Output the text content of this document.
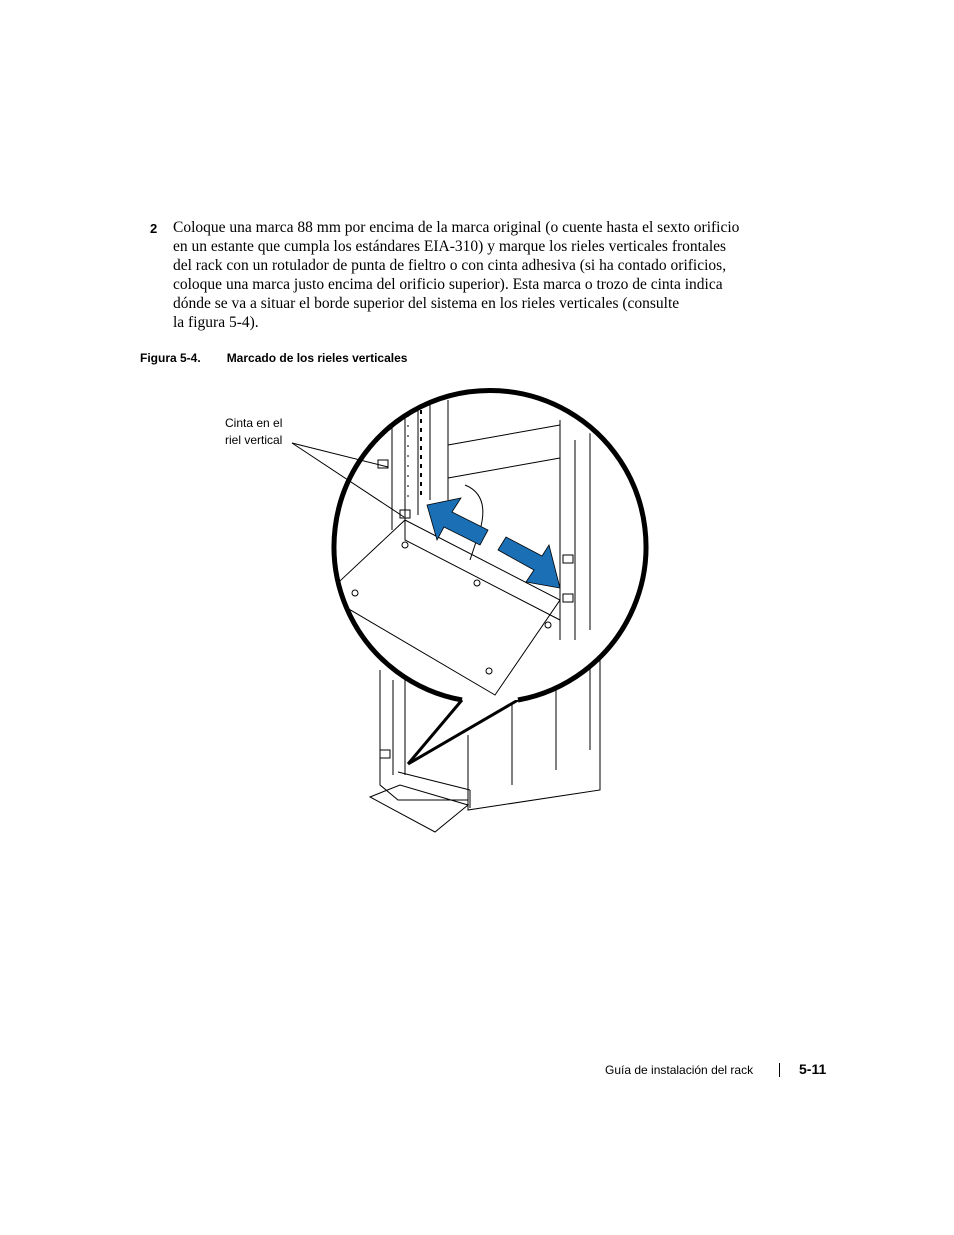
2 Coloque una marca 88 mm por encima de la marca original (o cuente hasta el sexto orificio
en un estante que cumpla los estándares EIA-310) y marque los rieles verticales frontales
del rack con un rotulador de punta de fieltro o con cinta adhesiva (si ha contado orificios,
coloque una marca justo encima del orificio superior). Esta marca o trozo de cinta indica
dónde se va a situar el borde superior del sistema en los rieles verticales (consulte
la figura 5-4).

Figura 5-4. Marcado de los rieles verticales
Cinta en el
riel vertical
Guía de instalación del rack	5-11
